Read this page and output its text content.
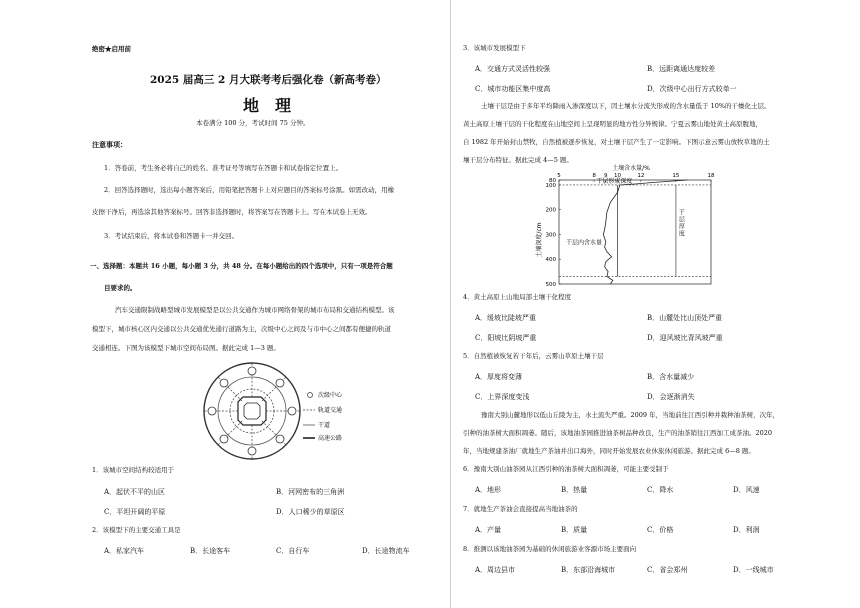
绝密★启用前
2025 届高三 2 月大联考考后强化卷（新高考卷）
地　理
本卷满分 100 分，考试时间 75 分钟。
注意事项：
1．答卷前，考生务必将自己的姓名、准考证号等填写在答题卡和试卷指定位置上。
2．回答选择题时，选出每小题答案后，用铅笔把答题卡上对应题目的答案标号涂黑。如需改动，用橡
皮擦干净后，再选涂其他答案标号。回答非选择题时，将答案写在答题卡上。写在本试卷上无效。
3．考试结束后，将本试卷和答题卡一并交回。
一、选择题：本题共 16 小题，每小题 3 分，共 48 分。在每小题给出的四个选项中，只有一项是符合题
目要求的。
汽车交通限制战略型城市发展模型是以公共交通作为城市网络骨架的城市布局和交通结构模型。该
模型下，城市核心区内交通以公共交通优先通行道路为主，次级中心之间及与市中心之间都有便捷的轨道
交通相连。下图为该模型下城市空间布局图。据此完成 1—3 题。
次级中心
轨道交通
干道
高速公路
1．该城市空间结构较适用于
A．起伏不平的山区	B．河网密布的三角洲
C．平坦开阔的平原	D．人口稀少的草原区
2．该模型下的主要交通工具是
A．私家汽车	B．长途客车	C．自行车	D．长途物流车
3．该城市发展模型下
A．交通方式灵活性较强	B．远距离通达度较差
C．城市功能区集中度高	D．次级中心出行方式较单一
土壤干层是由于多年平均降雨入渗深度以下，因土壤水分流失形成的含水量低于 10%的干燥化土层。
黄土高原上壤干层的干化程度在山地空间上呈现明显的地方性分异规律。宁夏云雾山地处黄土高原腹地，
自 1982 年开始封山禁牧，自然植被逐步恢复，对土壤干层产生了一定影响。下图示意云雾山放牧草地的土
壤干层分布特征。据此完成 4—5 题。
土壤含水量/%
5	8 9 10	12	15	18
80
100
200
300
400
500
土壤深度/cm
干层形成深度
干层内含水量
干
层
厚
度
4．黄土高原上山地局部土壤干化程度
A．缓坡比陡坡严重	B．山麓处比山顶处严重
C．阳坡比阴坡严重	D．迎风坡比背风坡严重
5．自然植被恢复若干年后，云雾山草原土壤干层
A．厚度将变薄	B．含水量减少
C．上界深度变浅	D．会逐渐消失
豫南大别山麓地形以低山丘陵为主，水土流失严重。2009 年，当地前往江西引种并栽种油茶树，次年，
引种的油茶树大面积凋萎。随后，该地油茶园推进油茶树品种改良，生产的油茶销往江西加工成茶油。2020
年，当地规建茶油厂就地生产茶油并出口海外，同时开始发展农业休旅休闲旅游。据此完成 6—8 题。
6．豫南大别山油茶园从江西引种的油茶树大面积凋萎，可能主要受制于
A．地形	B．热量	C．降水	D．风速
7．就地生产茶油会直接提高当地油茶的
A．产量	B．质量	C．价格	D．利润
8．推测以该地油茶园为基础的休闲旅游业客源市场主要面向
A．周边县市	B．东部沿海城市	C．省会郑州	D．一线城市
